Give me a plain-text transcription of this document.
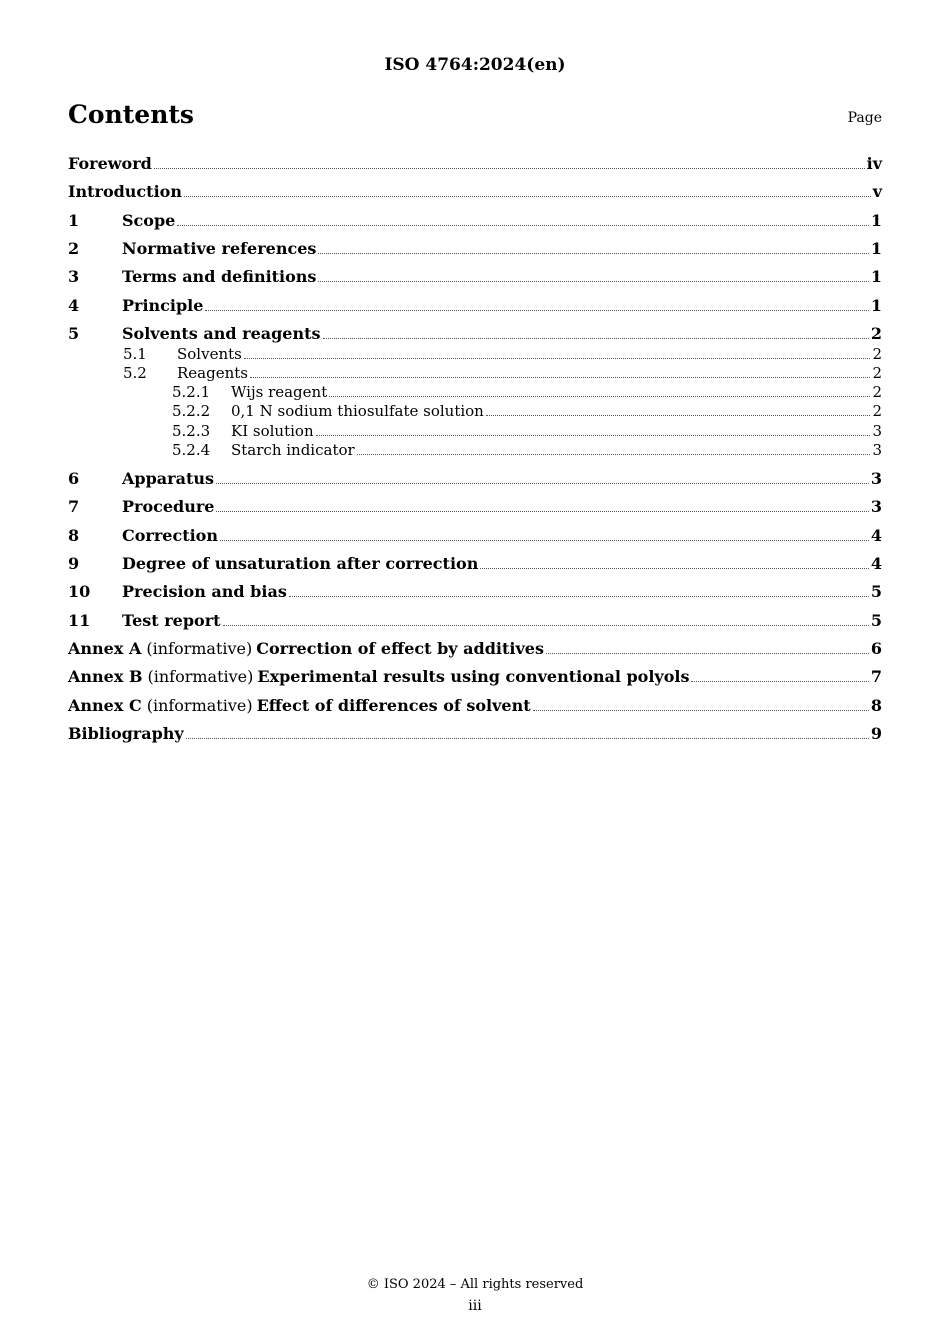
ISO 4764:2024(en)
Contents	Page
Foreword	iv
Introduction	v
1	Scope	1
2	Normative references	1
3	Terms and definitions	1
4	Principle	1
5	Solvents and reagents	2
5.1	Solvents	2
5.2	Reagents	2
5.2.1	Wijs reagent	2
5.2.2	0,1 N sodium thiosulfate solution	2
5.2.3	KI solution	3
5.2.4	Starch indicator	3
6	Apparatus	3
7	Procedure	3
8	Correction	4
9	Degree of unsaturation after correction	4
10	Precision and bias	5
11	Test report	5
Annex A (informative) Correction of effect by additives	6
Annex B (informative) Experimental results using conventional polyols	7
Annex C (informative) Effect of differences of solvent	8
Bibliography	9
© ISO 2024 – All rights reserved
iii
